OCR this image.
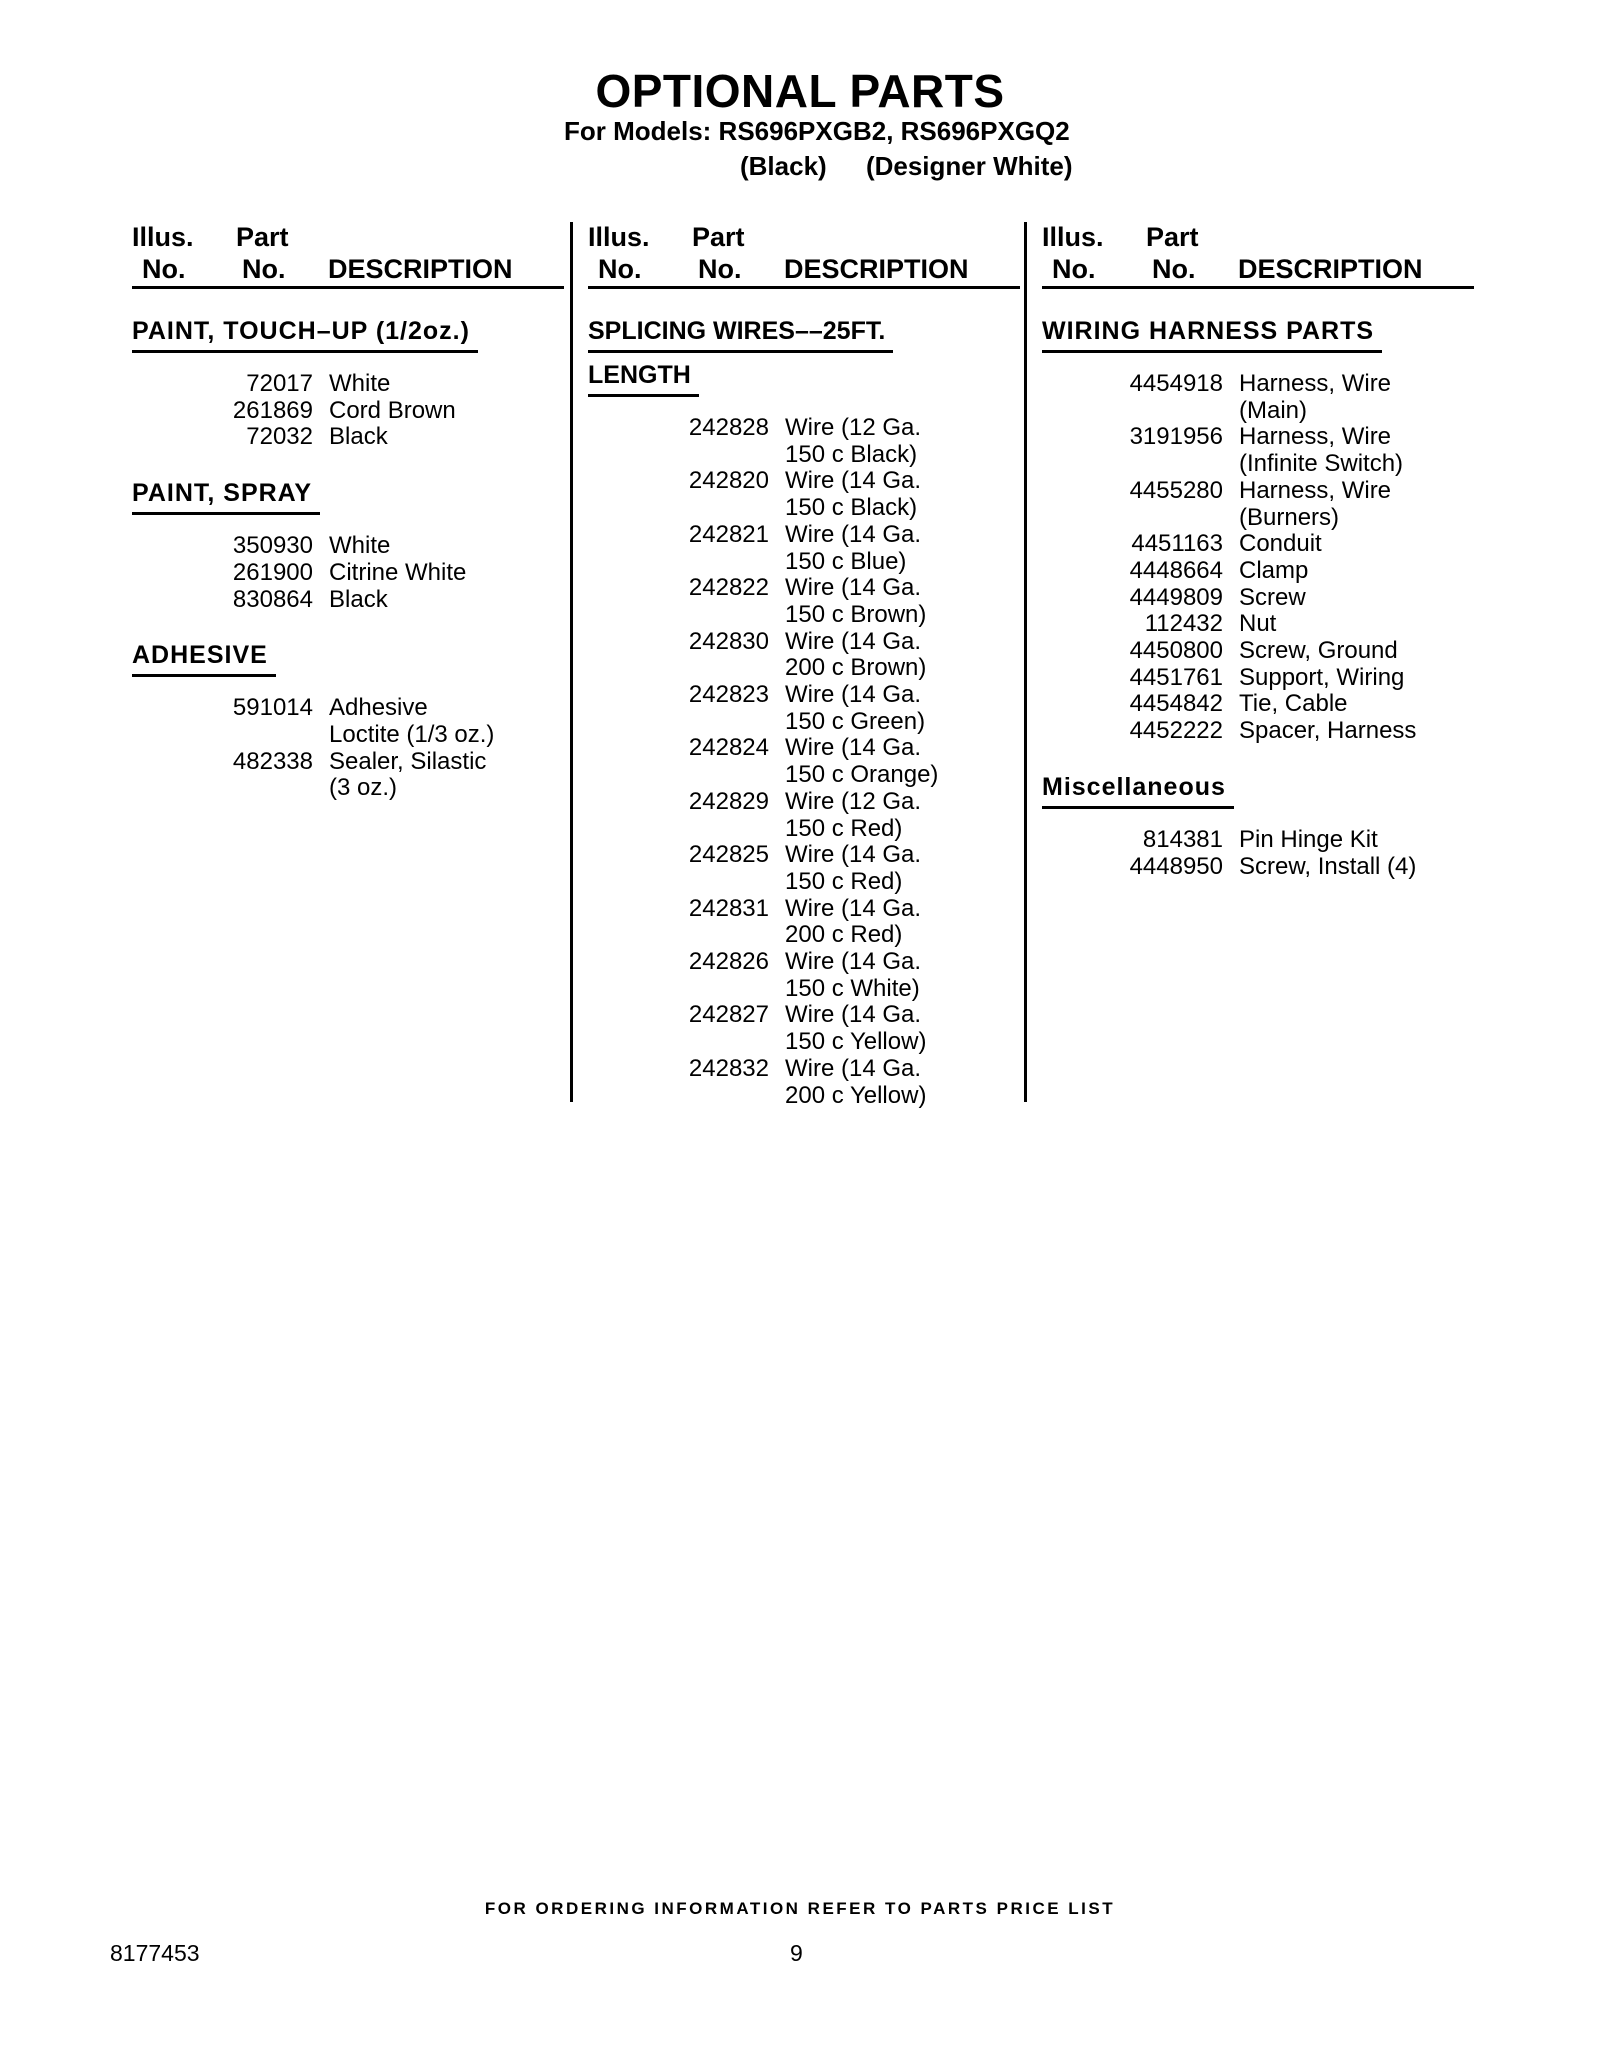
OPTIONAL PARTS
For Models: RS696PXGB2, RS696PXGQ2
(Black) (Designer White)
Illus. Part
No. No. DESCRIPTION
PAINT, TOUCH–UP (1/2oz.)
72017 White
261869 Cord Brown
72032 Black
PAINT, SPRAY
350930 White
261900 Citrine White
830864 Black
ADHESIVE
591014 Adhesive
Loctite (1/3 oz.)
482338 Sealer, Silastic
(3 oz.)
Illus. Part
No. No. DESCRIPTION
SPLICING WIRES––25FT.
LENGTH
242828 Wire (12 Ga.
150 c Black)
242820 Wire (14 Ga.
150 c Black)
242821 Wire (14 Ga.
150 c Blue)
242822 Wire (14 Ga.
150 c Brown)
242830 Wire (14 Ga.
200 c Brown)
242823 Wire (14 Ga.
150 c Green)
242824 Wire (14 Ga.
150 c Orange)
242829 Wire (12 Ga.
150 c Red)
242825 Wire (14 Ga.
150 c Red)
242831 Wire (14 Ga.
200 c Red)
242826 Wire (14 Ga.
150 c White)
242827 Wire (14 Ga.
150 c Yellow)
242832 Wire (14 Ga.
200 c Yellow)
Illus. Part
No. No. DESCRIPTION
WIRING HARNESS PARTS
4454918 Harness, Wire
(Main)
3191956 Harness, Wire
(Infinite Switch)
4455280 Harness, Wire
(Burners)
4451163 Conduit
4448664 Clamp
4449809 Screw
112432 Nut
4450800 Screw, Ground
4451761 Support, Wiring
4454842 Tie, Cable
4452222 Spacer, Harness
Miscellaneous
814381 Pin Hinge Kit
4448950 Screw, Install (4)
FOR ORDERING INFORMATION REFER TO PARTS PRICE LIST
8177453	9
